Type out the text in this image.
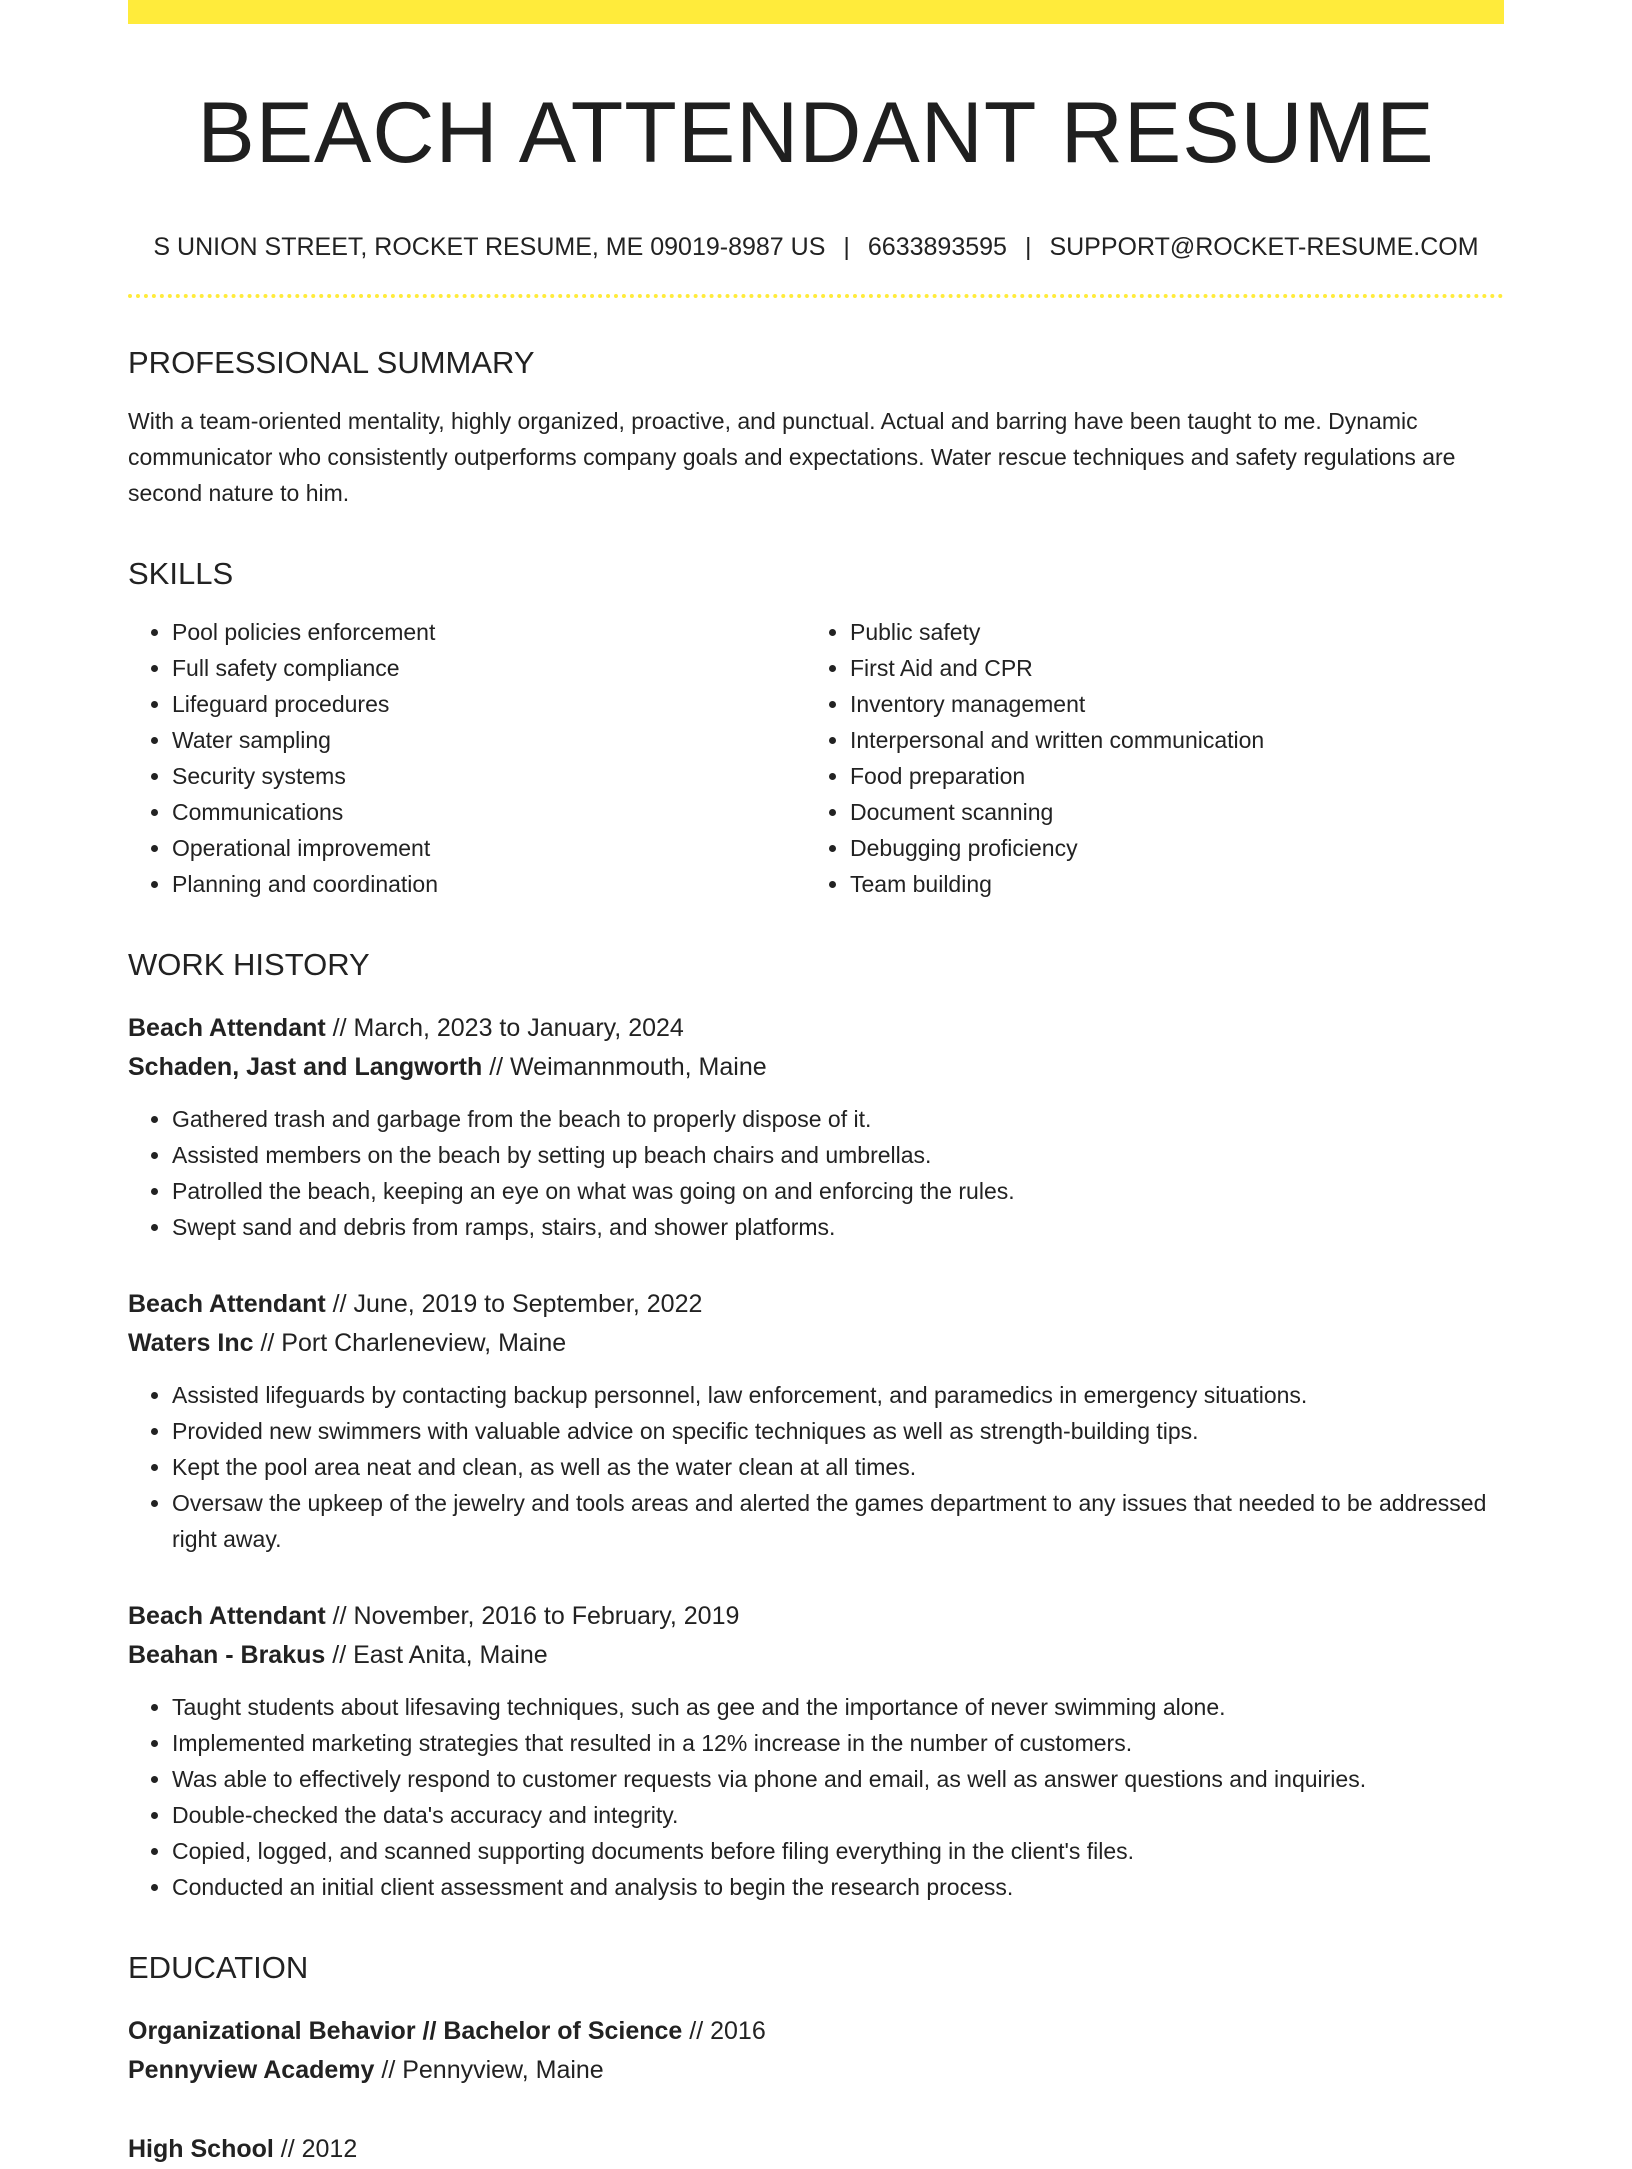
BEACH ATTENDANT RESUME
S UNION STREET, ROCKET RESUME, ME 09019-8987 US | 6633893595 | SUPPORT@ROCKET-RESUME.COM
PROFESSIONAL SUMMARY

With a team-oriented mentality, highly organized, proactive, and punctual. Actual and barring have been taught to me. Dynamic communicator who consistently outperforms company goals and expectations. Water rescue techniques and safety regulations are second nature to him.

SKILLS
• Pool policies enforcement
• Full safety compliance
• Lifeguard procedures
• Water sampling
• Security systems
• Communications
• Operational improvement
• Planning and coordination
• Public safety
• First Aid and CPR
• Inventory management
• Interpersonal and written communication
• Food preparation
• Document scanning
• Debugging proficiency
• Team building
WORK HISTORY
Beach Attendant // March, 2023 to January, 2024
Schaden, Jast and Langworth // Weimannmouth, Maine
• Gathered trash and garbage from the beach to properly dispose of it.
• Assisted members on the beach by setting up beach chairs and umbrellas.
• Patrolled the beach, keeping an eye on what was going on and enforcing the rules.
• Swept sand and debris from ramps, stairs, and shower platforms.
Beach Attendant // June, 2019 to September, 2022
Waters Inc // Port Charleneview, Maine
• Assisted lifeguards by contacting backup personnel, law enforcement, and paramedics in emergency situations.
• Provided new swimmers with valuable advice on specific techniques as well as strength-building tips.
• Kept the pool area neat and clean, as well as the water clean at all times.
• Oversaw the upkeep of the jewelry and tools areas and alerted the games department to any issues that needed to be addressed right away.
Beach Attendant // November, 2016 to February, 2019
Beahan - Brakus // East Anita, Maine
• Taught students about lifesaving techniques, such as gee and the importance of never swimming alone.
• Implemented marketing strategies that resulted in a 12% increase in the number of customers.
• Was able to effectively respond to customer requests via phone and email, as well as answer questions and inquiries.
• Double-checked the data's accuracy and integrity.
• Copied, logged, and scanned supporting documents before filing everything in the client's files.
• Conducted an initial client assessment and analysis to begin the research process.
EDUCATION
Organizational Behavior // Bachelor of Science // 2016
Pennyview Academy // Pennyview, Maine
High School // 2012
